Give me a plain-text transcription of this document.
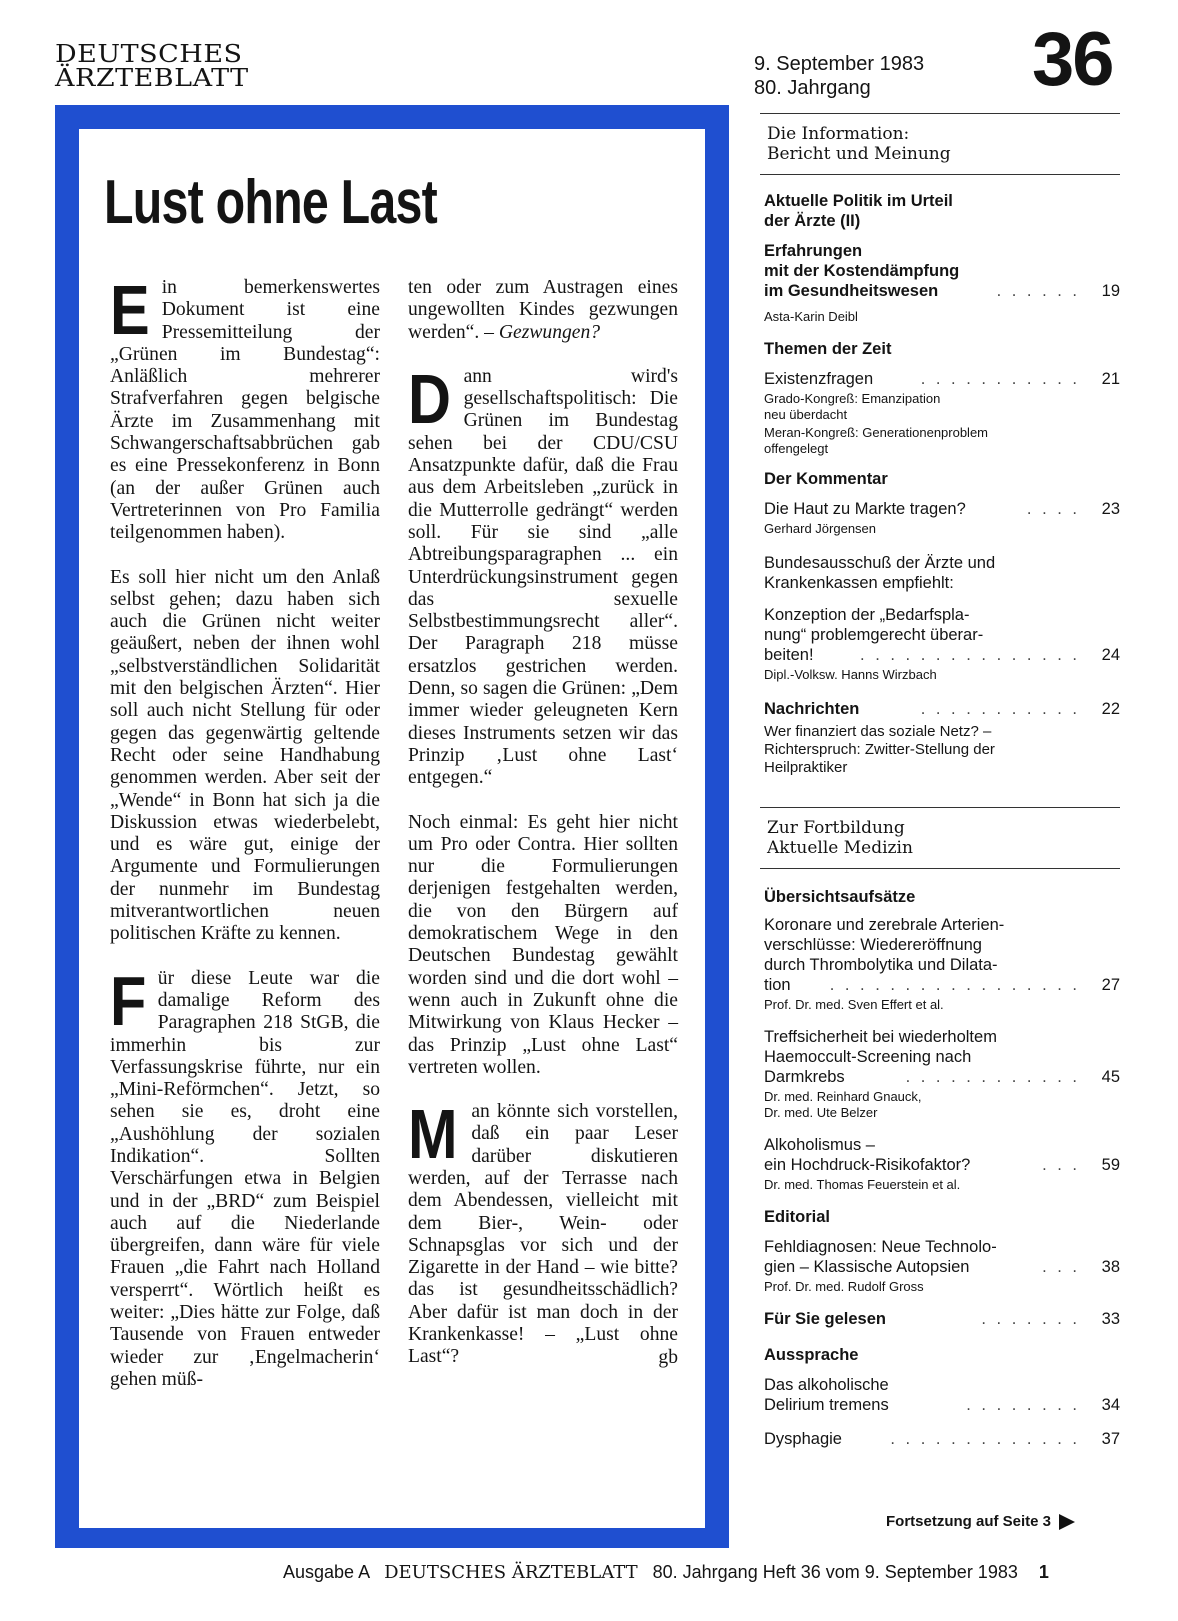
DEUTSCHES
ÄRZTEBLATT
9. September 1983
80. Jahrgang	36
Lust ohne Last

Ein bemerkenswertes Dokument ist eine Pressemitteilung der „Grünen im Bundestag“: Anläßlich mehrerer Strafverfahren gegen belgische Ärzte im Zusammenhang mit Schwangerschaftsabbrüchen gab es eine Pressekonferenz in Bonn (an der außer Grünen auch Vertreterinnen von Pro Familia teilgenommen haben).

Es soll hier nicht um den Anlaß selbst gehen; dazu haben sich auch die Grünen nicht weiter geäußert, neben der ihnen wohl „selbstverständlichen Solidarität mit den belgischen Ärzten“. Hier soll auch nicht Stellung für oder gegen das gegenwärtig geltende Recht oder seine Handhabung genommen werden. Aber seit der „Wende“ in Bonn hat sich ja die Diskussion etwas wiederbelebt, und es wäre gut, einige der Argumente und Formulierungen der nunmehr im Bundestag mitverantwortlichen neuen politischen Kräfte zu kennen.

Für diese Leute war die damalige Reform des Paragraphen 218 StGB, die immerhin bis zur Verfassungskrise führte, nur ein „Mini-Reförmchen“. Jetzt, so sehen sie es, droht eine „Aushöhlung der sozialen Indikation“. Sollten Verschärfungen etwa in Belgien und in der „BRD“ zum Beispiel auch auf die Niederlande übergreifen, dann wäre für viele Frauen „die Fahrt nach Holland versperrt“. Wörtlich heißt es weiter: „Dies hätte zur Folge, daß Tausende von Frauen entweder wieder zur ‚Engelmacherin‘ gehen müß-

ten oder zum Austragen eines ungewollten Kindes gezwungen werden“. – Gezwungen?

Dann wird's gesellschaftspolitisch: Die Grünen im Bundestag sehen bei der CDU/CSU Ansatzpunkte dafür, daß die Frau aus dem Arbeitsleben „zurück in die Mutterrolle gedrängt“ werden soll. Für sie sind „alle Abtreibungsparagraphen ... ein Unterdrückungsinstrument gegen das sexuelle Selbstbestimmungsrecht aller“. Der Paragraph 218 müsse ersatzlos gestrichen werden. Denn, so sagen die Grünen: „Dem immer wieder geleugneten Kern dieses Instruments setzen wir das Prinzip ‚Lust ohne Last‘ entgegen.“

Noch einmal: Es geht hier nicht um Pro oder Contra. Hier sollten nur die Formulierungen derjenigen festgehalten werden, die von den Bürgern auf demokratischem Wege in den Deutschen Bundestag gewählt worden sind und die dort wohl – wenn auch in Zukunft ohne die Mitwirkung von Klaus Hecker – das Prinzip „Lust ohne Last“ vertreten wollen.

Man könnte sich vorstellen, daß ein paar Leser darüber diskutieren werden, auf der Terrasse nach dem Abendessen, vielleicht mit dem Bier-, Wein- oder Schnapsglas vor sich und der Zigarette in der Hand – wie bitte? das ist gesundheitsschädlich? Aber dafür ist man doch in der Krankenkasse! – „Lust ohne Last“?	gb
Die Information:
Bericht und Meinung
Aktuelle Politik im Urteil
der Ärzte (II)
Erfahrungen
mit der Kostendämpfung
im Gesundheitswesen	. . . . . .	19
Asta-Karin Deibl
Themen der Zeit
Existenzfragen	. . . . . . . . . . .	21
Grado-Kongreß: Emanzipation
neu überdacht
Meran-Kongreß: Generationenproblem
offengelegt
Der Kommentar
Die Haut zu Markte tragen?	. . . .	23
Gerhard Jörgensen
Bundesausschuß der Ärzte und
Krankenkassen empfiehlt:
Konzeption der „Bedarfspla-
nung“ problemgerecht überar-
beiten!	. . . . . . . . . . . . . . .	24
Dipl.-Volksw. Hanns Wirzbach
Nachrichten	. . . . . . . . . . .	22
Wer finanziert das soziale Netz? –
Richterspruch: Zwitter-Stellung der
Heilpraktiker
Zur Fortbildung
Aktuelle Medizin
Übersichtsaufsätze
Koronare und zerebrale Arterien-
verschlüsse: Wiedereröffnung
durch Thrombolytika und Dilata-
tion	. . . . . . . . . . . . . . . . .	27
Prof. Dr. med. Sven Effert et al.
Treffsicherheit bei wiederholtem
Haemoccult-Screening nach
Darmkrebs	. . . . . . . . . . . .	45
Dr. med. Reinhard Gnauck,
Dr. med. Ute Belzer
Alkoholismus –
ein Hochdruck-Risikofaktor?	. . .	59
Dr. med. Thomas Feuerstein et al.
Editorial
Fehldiagnosen: Neue Technolo-
gien – Klassische Autopsien	. . .	38
Prof. Dr. med. Rudolf Gross
Für Sie gelesen	. . . . . . .	33
Aussprache
Das alkoholische
Delirium tremens	. . . . . . . .	34
Dysphagie	. . . . . . . . . . . . .	37
Fortsetzung auf Seite 3
Ausgabe A DEUTSCHES ÄRZTEBLATT 80. Jahrgang Heft 36 vom 9. September 1983 1
